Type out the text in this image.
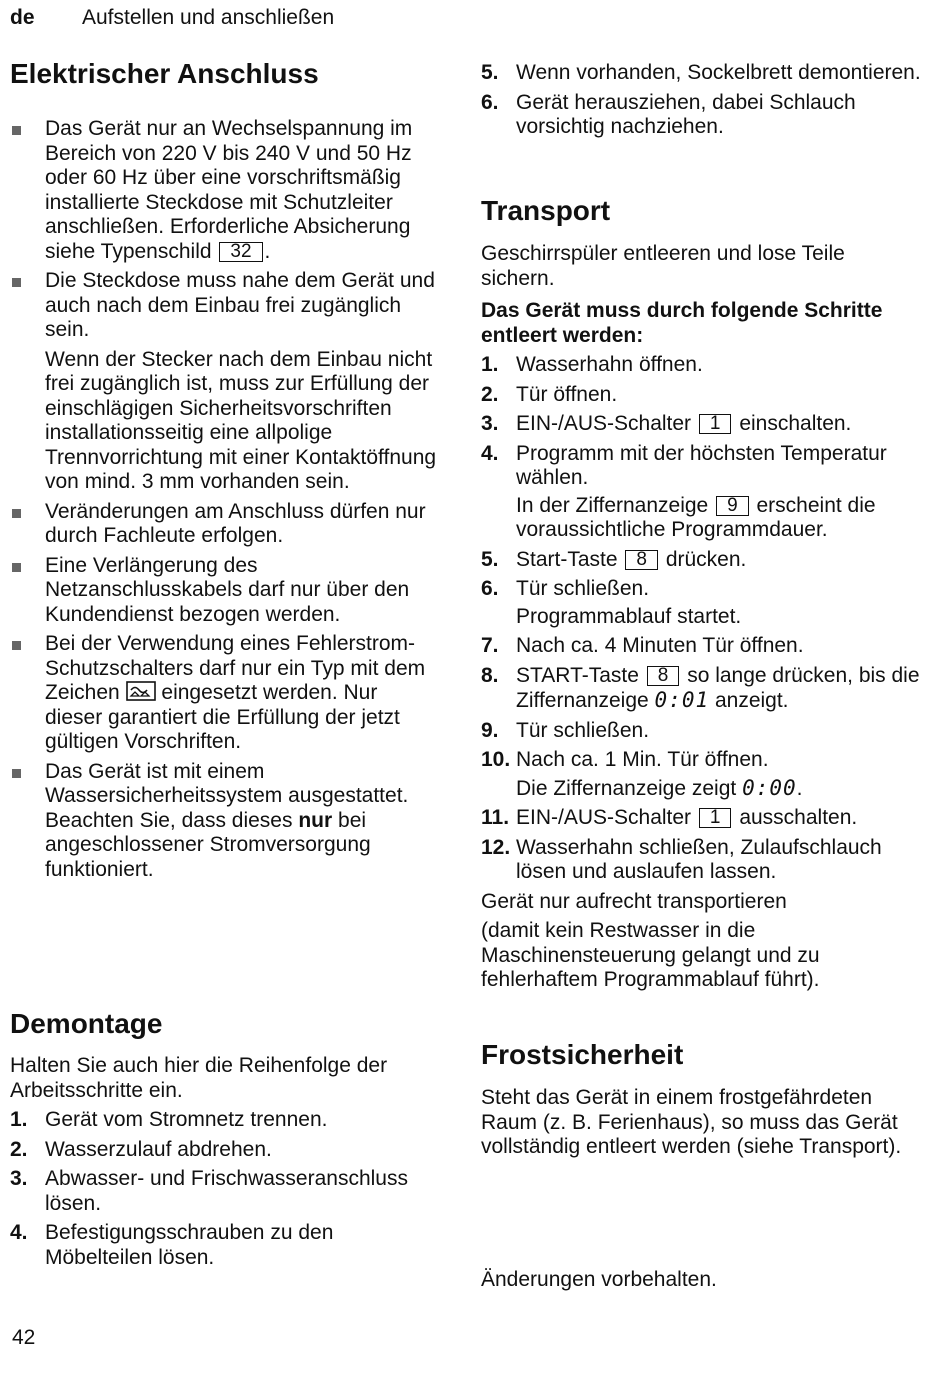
de Aufstellen und anschließen
Elektrischer Anschluss
Das Gerät nur an Wechselspannung im Bereich von 220 V bis 240 V und 50 Hz oder 60 Hz über eine vorschriftsmäßig installierte Steckdose mit Schutzleiter anschließen. Erforderliche Absicherung siehe Typenschild 32 .
Die Steckdose muss nahe dem Gerät und auch nach dem Einbau frei zugänglich sein.
Wenn der Stecker nach dem Einbau nicht frei zugänglich ist, muss zur Erfüllung der einschlägigen Sicherheitsvorschriften installationsseitig eine allpolige Trennvorrichtung mit einer Kontaktöffnung von mind. 3 mm vorhanden sein.
Veränderungen am Anschluss dürfen nur durch Fachleute erfolgen.
Eine Verlängerung des Netzanschlusskabels darf nur über den Kundendienst bezogen werden.
Bei der Verwendung eines Fehlerstrom-Schutzschalters darf nur ein Typ mit dem Zeichen eingesetzt werden. Nur dieser garantiert die Erfüllung der jetzt gültigen Vorschriften.
Das Gerät ist mit einem Wassersicherheitssystem ausgestattet. Beachten Sie, dass dieses nur bei angeschlossener Stromversorgung funktioniert.
Demontage

Halten Sie auch hier die Reihenfolge der Arbeitsschritte ein.

1. Gerät vom Stromnetz trennen.
2. Wasserzulauf abdrehen.
3. Abwasser- und Frischwasseranschluss lösen.
4. Befestigungsschrauben zu den Möbelteilen lösen.
42
5. Wenn vorhanden, Sockelbrett demontieren.
6. Gerät herausziehen, dabei Schlauch vorsichtig nachziehen.
Transport

Geschirrspüler entleeren und lose Teile sichern.

Das Gerät muss durch folgende Schritte entleert werden:

1. Wasserhahn öffnen.
2. Tür öffnen.
3. EIN-/AUS-Schalter 1 einschalten.
4. Programm mit der höchsten Temperatur wählen.
In der Ziffernanzeige 9 erscheint die voraussichtliche Programmdauer.
5. Start-Taste 8 drücken.
6. Tür schließen.
Programmablauf startet.
7. Nach ca. 4 Minuten Tür öffnen.
8. START-Taste 8 so lange drücken, bis die Ziffernanzeige 0:01 anzeigt.
9. Tür schließen.
10. Nach ca. 1 Min. Tür öffnen.
Die Ziffernanzeige zeigt 0:00.
11. EIN-/AUS-Schalter 1 ausschalten.
12. Wasserhahn schließen, Zulaufschlauch lösen und auslaufen lassen.

Gerät nur aufrecht transportieren

(damit kein Restwasser in die Maschinensteuerung gelangt und zu fehlerhaftem Programmablauf führt).

Frostsicherheit

Steht das Gerät in einem frostgefährdeten Raum (z. B. Ferienhaus), so muss das Gerät vollständig entleert werden (siehe Transport).

Änderungen vorbehalten.
